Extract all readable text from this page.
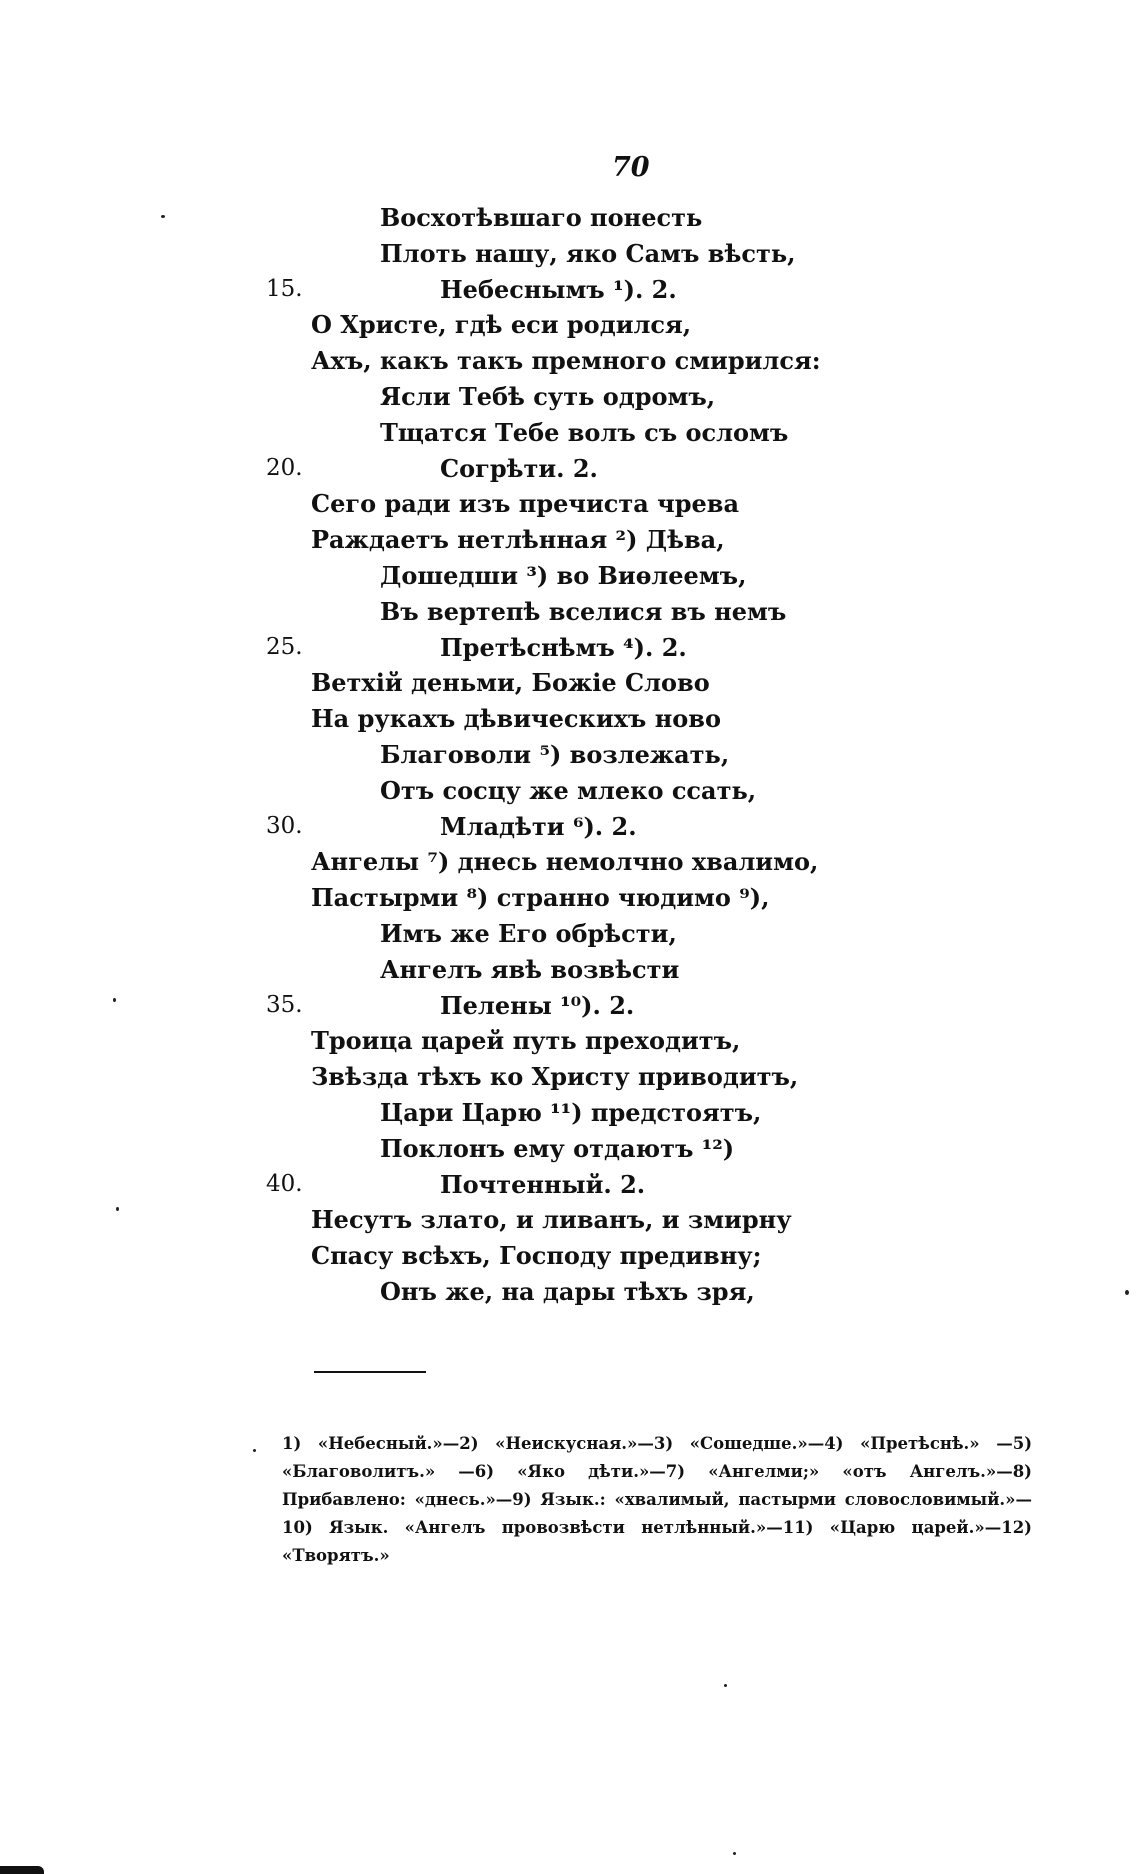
70
Восхотѣвшаго понесть
Плоть нашу, яко Самъ вѣсть,
15.	Небеснымъ ¹). 2.
О Христе, гдѣ еси родился,
Ахъ, какъ такъ премного смирился:
Ясли Тебѣ суть одромъ,
Тщатся Тебе волъ съ осломъ
20.	Согрѣти. 2.
Сего ради изъ пречиста чрева
Раждаетъ нетлѣнная ²) Дѣва,
Дошедши ³) во Виѳлеемъ,
Въ вертепѣ вселися въ немъ
25.	Претѣснѣмъ ⁴). 2.
Ветхій деньми, Божіе Слово
На рукахъ дѣвическихъ ново
Благоволи ⁵) возлежать,
Отъ сосцу же млеко ссать,
30.	Младѣти ⁶). 2.
Ангелы ⁷) днесь немолчно хвалимо,
Пастырми ⁸) странно чюдимо ⁹),
Имъ же Его обрѣсти,
Ангелъ явѣ возвѣсти
35.	Пелены ¹⁰). 2.
Троица царей путь преходитъ,
Звѣзда тѣхъ ко Христу приводитъ,
Цари Царю ¹¹) предстоятъ,
Поклонъ ему отдаютъ ¹²)
40.	Почтенный. 2.
Несутъ злато, и ливанъ, и змирну
Спасу всѣхъ, Господу предивну;
Онъ же, на дары тѣхъ зря,
1) «Небесный.»—2) «Неискусная.»—3) «Сошедше.»—4) «Претѣснѣ.» —5) «Благоволитъ.» —6) «Яко дѣти.»—7) «Ангелми;» «отъ Ангелъ.»—8) Прибавлено: «днесь.»—9) Язык.: «хвалимый, пастырми словословимый.»—10) Язык. «Ангелъ провозвѣсти нетлѣнный.»—11) «Царю царей.»—12) «Творятъ.»
